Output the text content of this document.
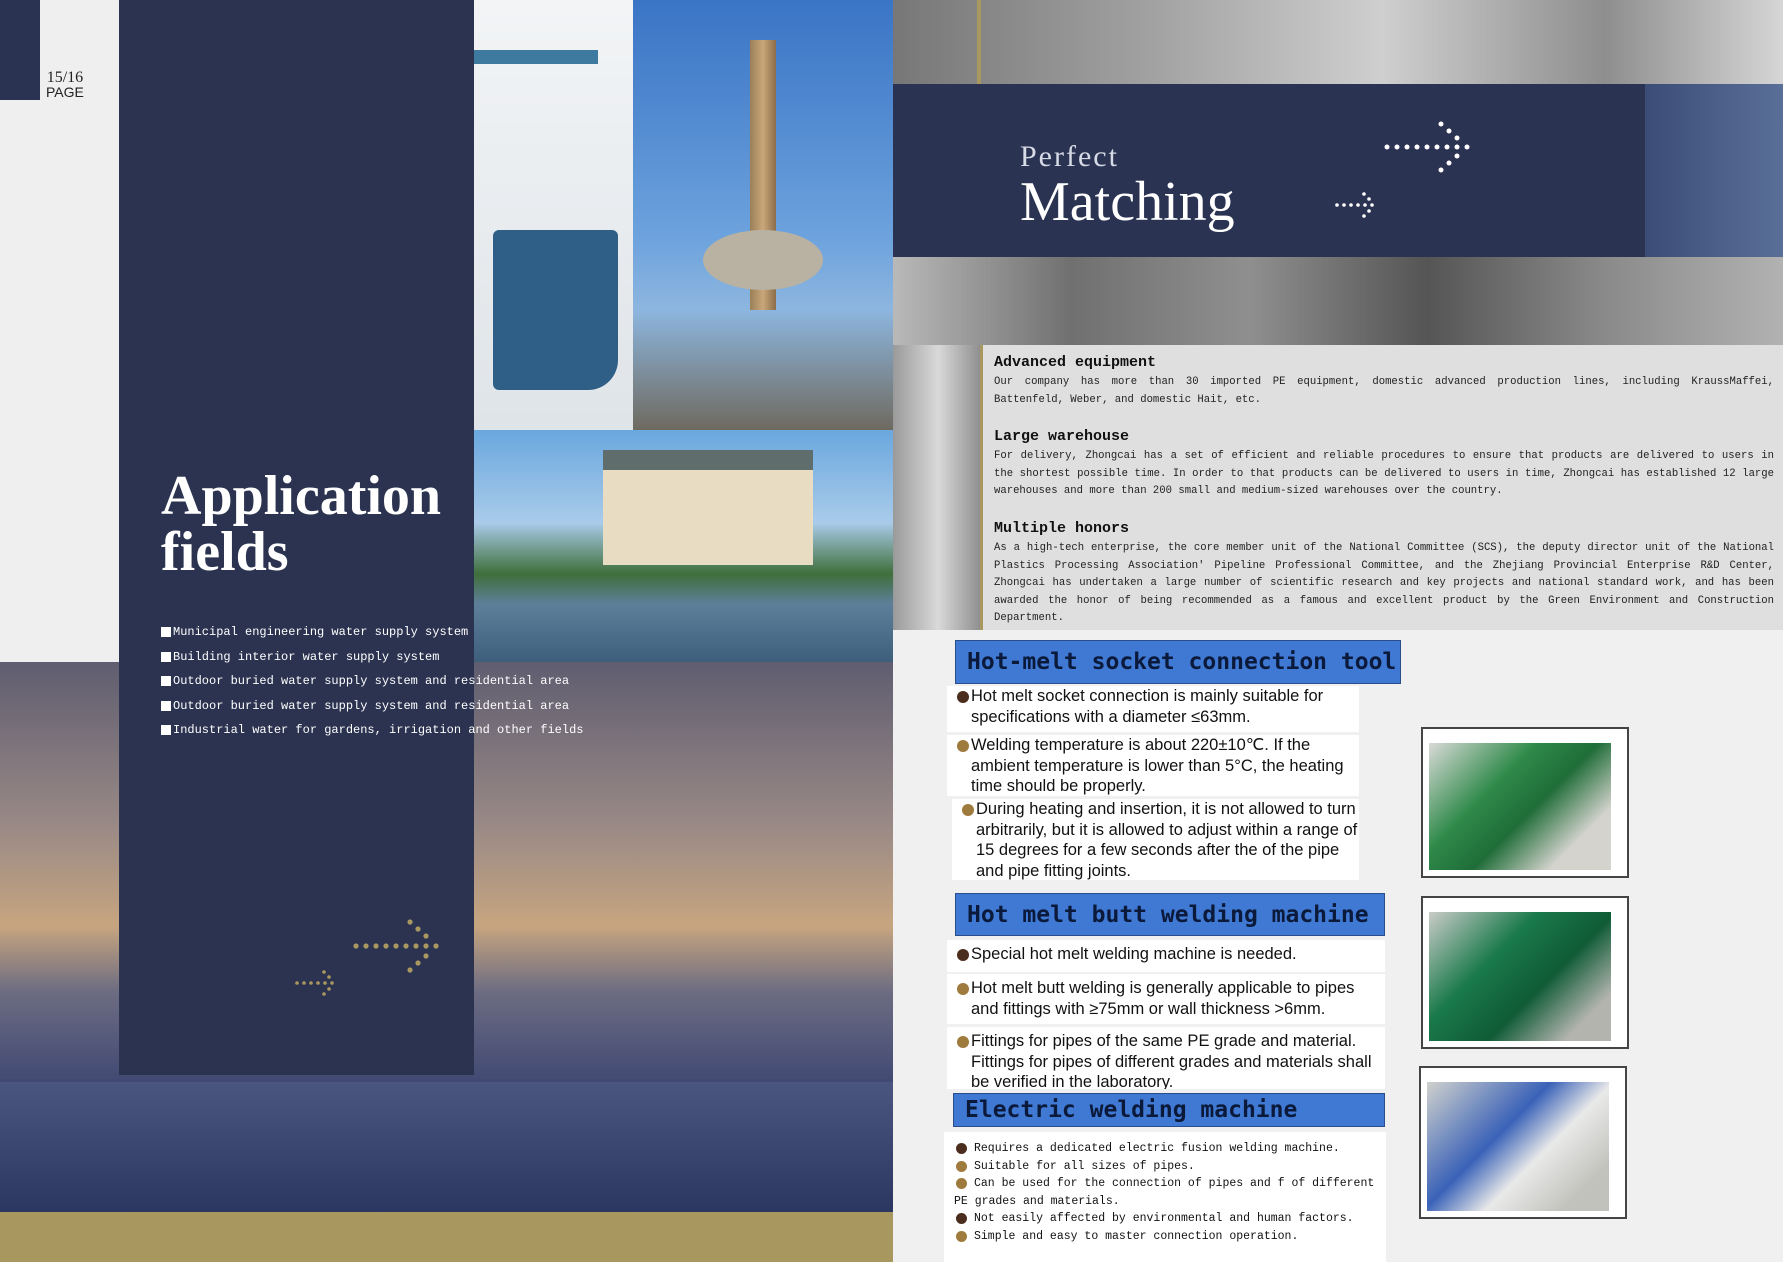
15/16
PAGE
Application
fields
Municipal engineering water supply system
Building interior water supply system
Outdoor buried water supply system and residential area
Outdoor buried water supply system and residential area
Industrial water for gardens, irrigation and other fields
Perfect
Matching
Advanced equipment
Our company has more than 30 imported PE equipment, domestic advanced production lines, including KraussMaffei, Battenfeld, Weber, and domestic Hait, etc.
Large warehouse
For delivery, Zhongcai has a set of efficient and reliable procedures to ensure that products are delivered to users in the shortest possible time. In order to that products can be delivered to users in time, Zhongcai has established 12 large warehouses and more than 200 small and medium-sized warehouses over the country.
Multiple honors
As a high-tech enterprise, the core member unit of the National Committee (SCS), the deputy director unit of the National Plastics Processing Association' Pipeline Professional Committee, and the Zhejiang Provincial Enterprise R&D Center, Zhongcai has undertaken a large number of scientific research and key projects and national standard work, and has been awarded the honor of being recommended as a famous and excellent product by the Green Environment and Construction Department.
Hot-melt socket connection tool
Hot melt socket connection is mainly suitable for specifications with a diameter ≤63mm.
Welding temperature is about 220±10℃. If the ambient temperature is lower than 5°C, the heating time should be properly.
During heating and insertion, it is not allowed to turn arbitrarily, but it is allowed to adjust within a range of 15 degrees for a few seconds after the of the pipe and pipe fitting joints.
Hot melt butt welding machine
Special hot melt welding machine is needed.
Hot melt butt welding is generally applicable to pipes and fittings with ≥75mm or wall thickness >6mm.
Fittings for pipes of the same PE grade and material. Fittings for pipes of different grades and materials shall be verified in the laboratory.
Electric welding machine
Requires a dedicated electric fusion welding machine.
Suitable for all sizes of pipes.
Can be used for the connection of pipes and f of different PE grades and materials.
Not easily affected by environmental and human factors.
Simple and easy to master connection operation.
